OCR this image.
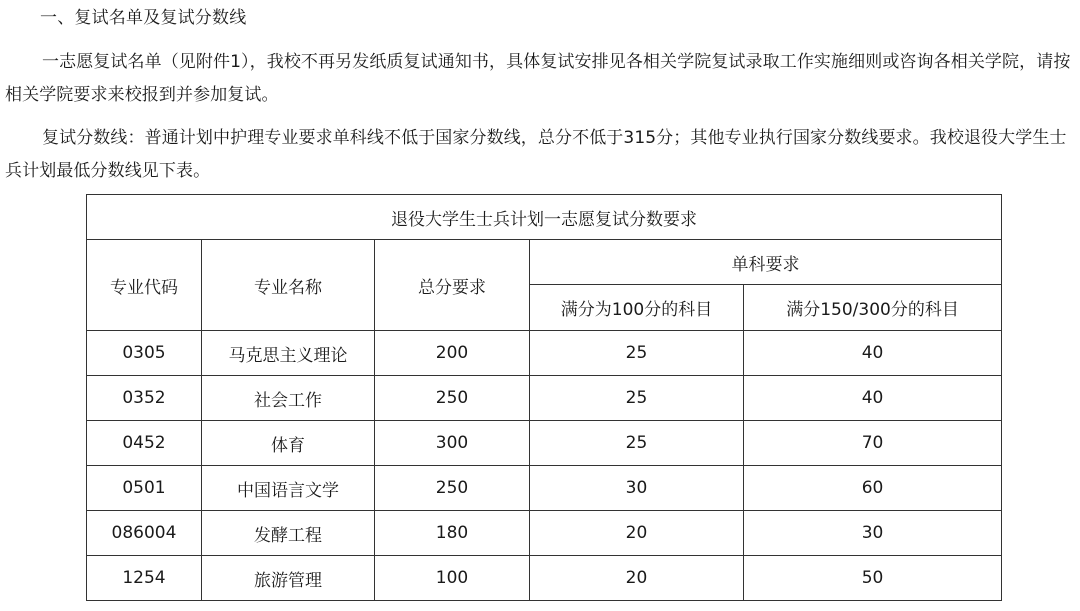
一、复试名单及复试分数线

一志愿复试名单（见附件1），我校不再另发纸质复试通知书，具体复试安排见各相关学院复试录取工作实施细则或咨询各相关学院，请按相关学院要求来校报到并参加复试。

复试分数线：普通计划中护理专业要求单科线不低于国家分数线，总分不低于315分；其他专业执行国家分数线要求。我校退役大学生士兵计划最低分数线见下表。

退役大学生士兵计划一志愿复试分数要求				
专业代码	专业名称	总分要求	单科要求	
			满分为100分的科目	满分150/300分的科目
0305	马克思主义理论	200	25	40
0352	社会工作	250	25	40
0452	体育	300	25	70
0501	中国语言文学	250	30	60
086004	发酵工程	180	20	30
1254	旅游管理	100	20	50
